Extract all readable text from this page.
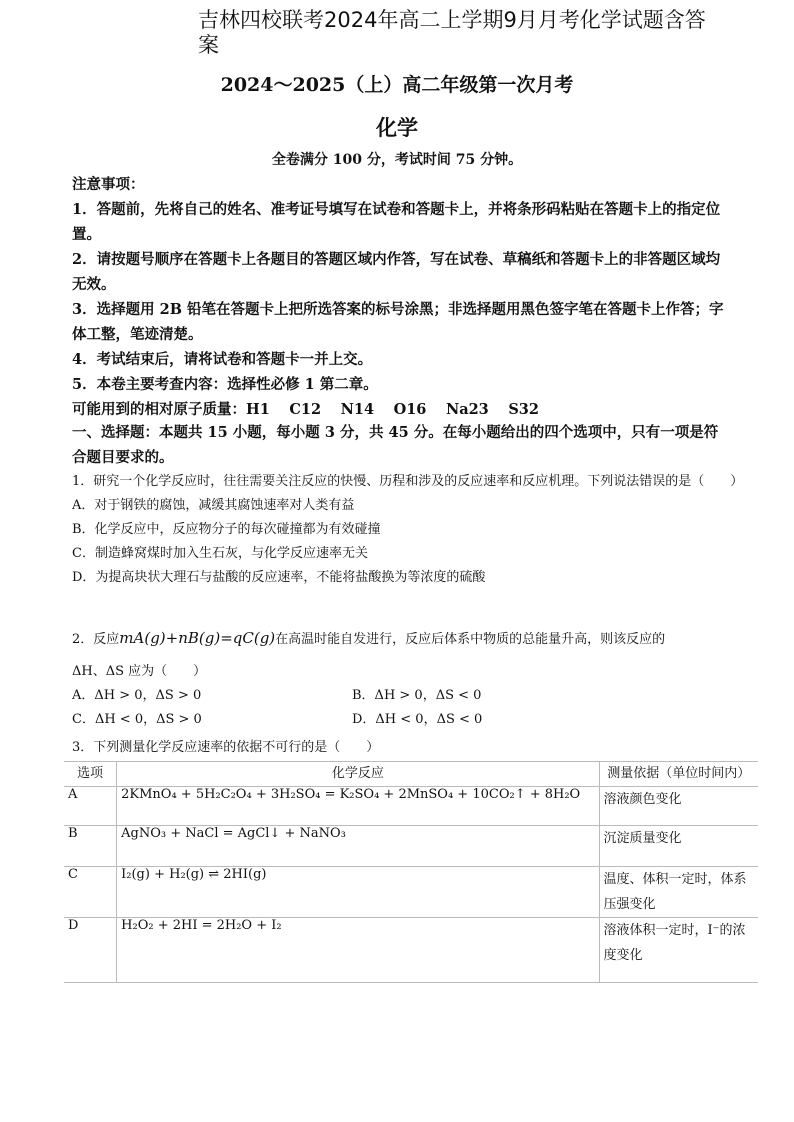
吉林四校联考2024年高二上学期9月月考化学试题含答案
2024～2025（上）高二年级第一次月考
化学
全卷满分 100 分，考试时间 75 分钟。

注意事项：

1．答题前，先将自己的姓名、准考证号填写在试卷和答题卡上，并将条形码粘贴在答题卡上的指定位置。

2．请按题号顺序在答题卡上各题目的答题区域内作答，写在试卷、草稿纸和答题卡上的非答题区域均无效。

3．选择题用 2B 铅笔在答题卡上把所选答案的标号涂黑；非选择题用黑色签字笔在答题卡上作答；字体工整，笔迹清楚。

4．考试结束后，请将试卷和答题卡一并上交。

5．本卷主要考查内容：选择性必修 1 第二章。

可能用到的相对原子质量：H1　 C12　 N14　 O16　 Na23　 S32

一、选择题：本题共 15 小题，每小题 3 分，共 45 分。在每小题给出的四个选项中，只有一项是符合题目要求的。

1．研究一个化学反应时，往往需要关注反应的快慢、历程和涉及的反应速率和反应机理。下列说法错误的是（　　）

A．对于钢铁的腐蚀，减缓其腐蚀速率对人类有益

B．化学反应中，反应物分子的每次碰撞都为有效碰撞

C．制造蜂窝煤时加入生石灰，与化学反应速率无关

D．为提高块状大理石与盐酸的反应速率，不能将盐酸换为等浓度的硫酸

2．反应mA(g)+nB(g)=qC(g)在高温时能自发进行，反应后体系中物质的总能量升高，则该反应的

ΔH、ΔS 应为（　　）

A．ΔH > 0，ΔS > 0	B．ΔH > 0，ΔS < 0
C．ΔH < 0，ΔS > 0	D．ΔH < 0，ΔS < 0
3．下列测量化学反应速率的依据不可行的是（　　）
选项	化学反应	测量依据（单位时间内）
A	2KMnO₄ + 5H₂C₂O₄ + 3H₂SO₄ = K₂SO₄ + 2MnSO₄ + 10CO₂↑ + 8H₂O	溶液颜色变化
B	AgNO₃ + NaCl = AgCl↓ + NaNO₃	沉淀质量变化
C	I₂(g) + H₂(g) ⇌ 2HI(g)	温度、体积一定时，体系压强变化
D	H₂O₂ + 2HI = 2H₂O + I₂	溶液体积一定时，I⁻的浓度变化
